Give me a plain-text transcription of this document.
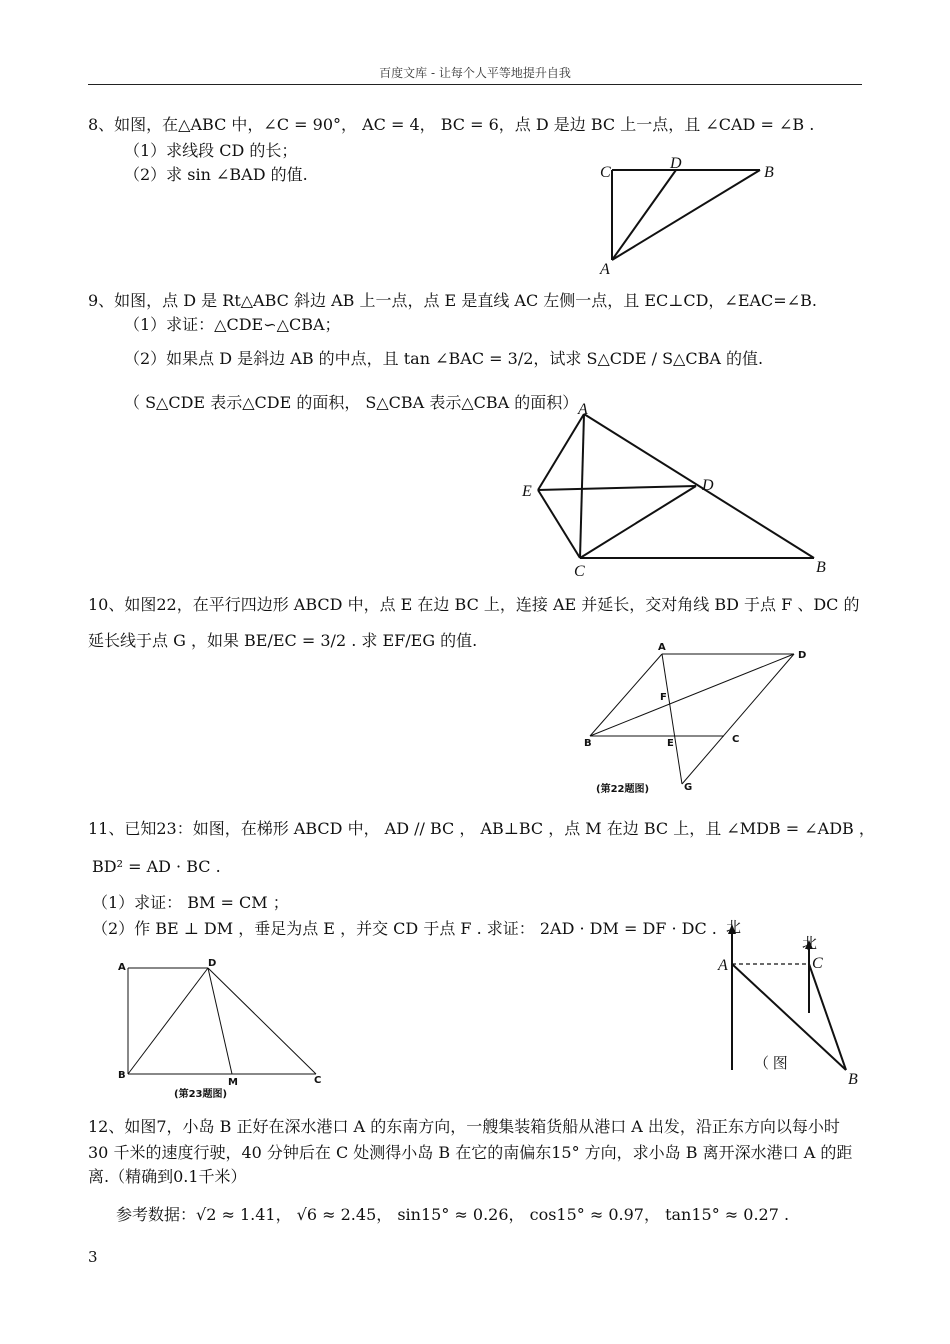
百度文库 - 让每个人平等地提升自我
8、如图，在△ABC 中，∠C = 90°， AC = 4， BC = 6，点 D 是边 BC 上一点，且 ∠CAD = ∠B .
（1）求线段 CD 的长；
（2）求 sin ∠BAD 的值.	C
D
B
A
9、如图，点 D 是 Rt△ABC 斜边 AB 上一点，点 E 是直线 AC 左侧一点，且 EC⊥CD，∠EAC=∠B.
（1）求证：△CDE∽△CBA；
（2）如果点 D 是斜边 AB 的中点，且 tan ∠BAC = 3/2，试求 S△CDE / S△CBA 的值.
（ S△CDE 表示△CDE 的面积， S△CBA 表示△CBA 的面积） A
E	D
C	B
10、如图22，在平行四边形 ABCD 中，点 E 在边 BC 上，连接 AE 并延长，交对角线 BD 于点 F 、DC 的
延长线于点 G ，如果 BE/EC = 3/2 . 求 EF/EG 的值.	A
D
F
B	E	C
G
(第22题图)
11、已知23：如图，在梯形 ABCD 中， AD // BC ， AB⊥BC ，点 M 在边 BC 上，且 ∠MDB = ∠ADB ，
BD² = AD · BC .
（1）求证： BM = CM ；
（2）作 BE ⊥ DM ，垂足为点 E ，并交 CD 于点 F . 求证： 2AD · DM = DF · DC .
A	D
B
M	C
(第23题图)
北
北
A	C
B
（ 图
12、如图7，小岛 B 正好在深水港口 A 的东南方向，一艘集装箱货船从港口 A 出发，沿正东方向以每小时
30 千米的速度行驶，40 分钟后在 C 处测得小岛 B 在它的南偏东15° 方向，求小岛 B 离开深水港口 A 的距
离.（精确到0.1千米）
参考数据：√2 ≈ 1.41， √6 ≈ 2.45， sin15° ≈ 0.26， cos15° ≈ 0.97， tan15° ≈ 0.27 .
3
